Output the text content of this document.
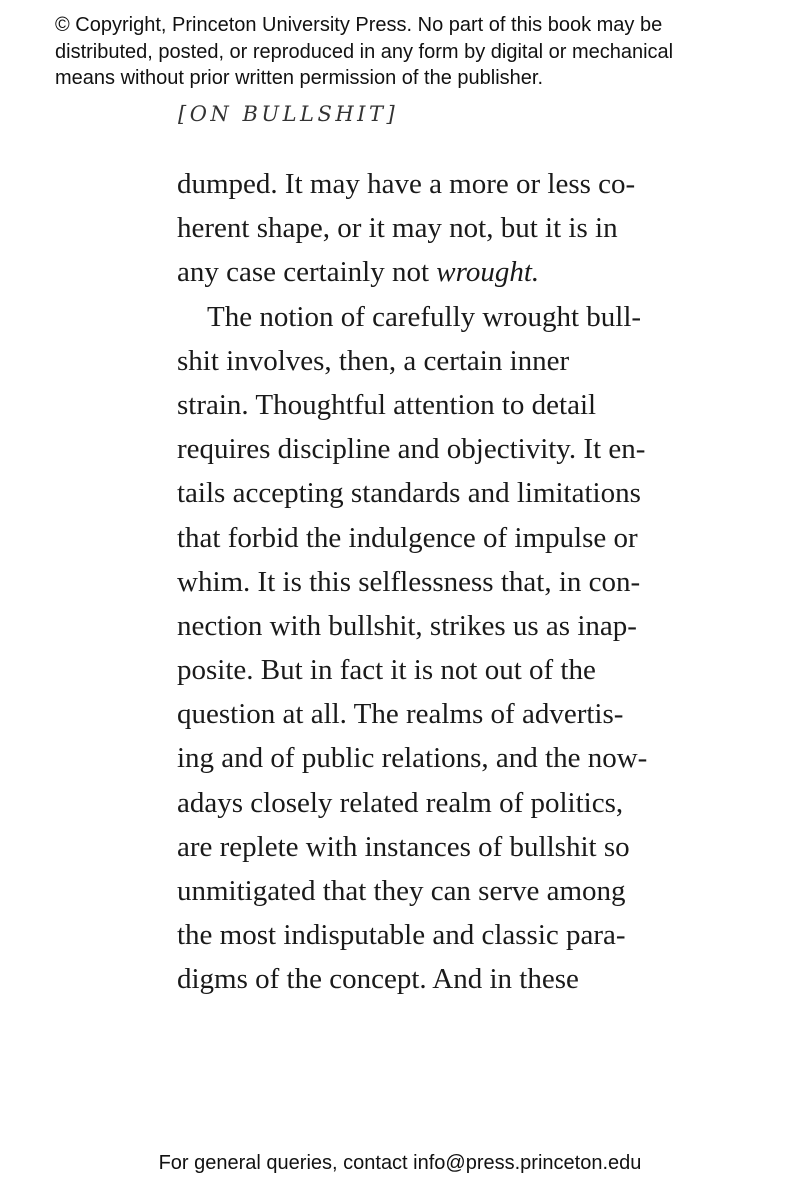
© Copyright, Princeton University Press. No part of this book may be
distributed, posted, or reproduced in any form by digital or mechanical
means without prior written permission of the publisher.
[ON BULLSHIT]
dumped. It may have a more or less co-
herent shape, or it may not, but it is in
any case certainly not wrought.
The notion of carefully wrought bull-
shit involves, then, a certain inner
strain. Thoughtful attention to detail
requires discipline and objectivity. It en-
tails accepting standards and limitations
that forbid the indulgence of impulse or
whim. It is this selflessness that, in con-
nection with bullshit, strikes us as inap-
posite. But in fact it is not out of the
question at all. The realms of advertis-
ing and of public relations, and the now-
adays closely related realm of politics,
are replete with instances of bullshit so
unmitigated that they can serve among
the most indisputable and classic para-
digms of the concept. And in these
For general queries, contact info@press.princeton.edu
